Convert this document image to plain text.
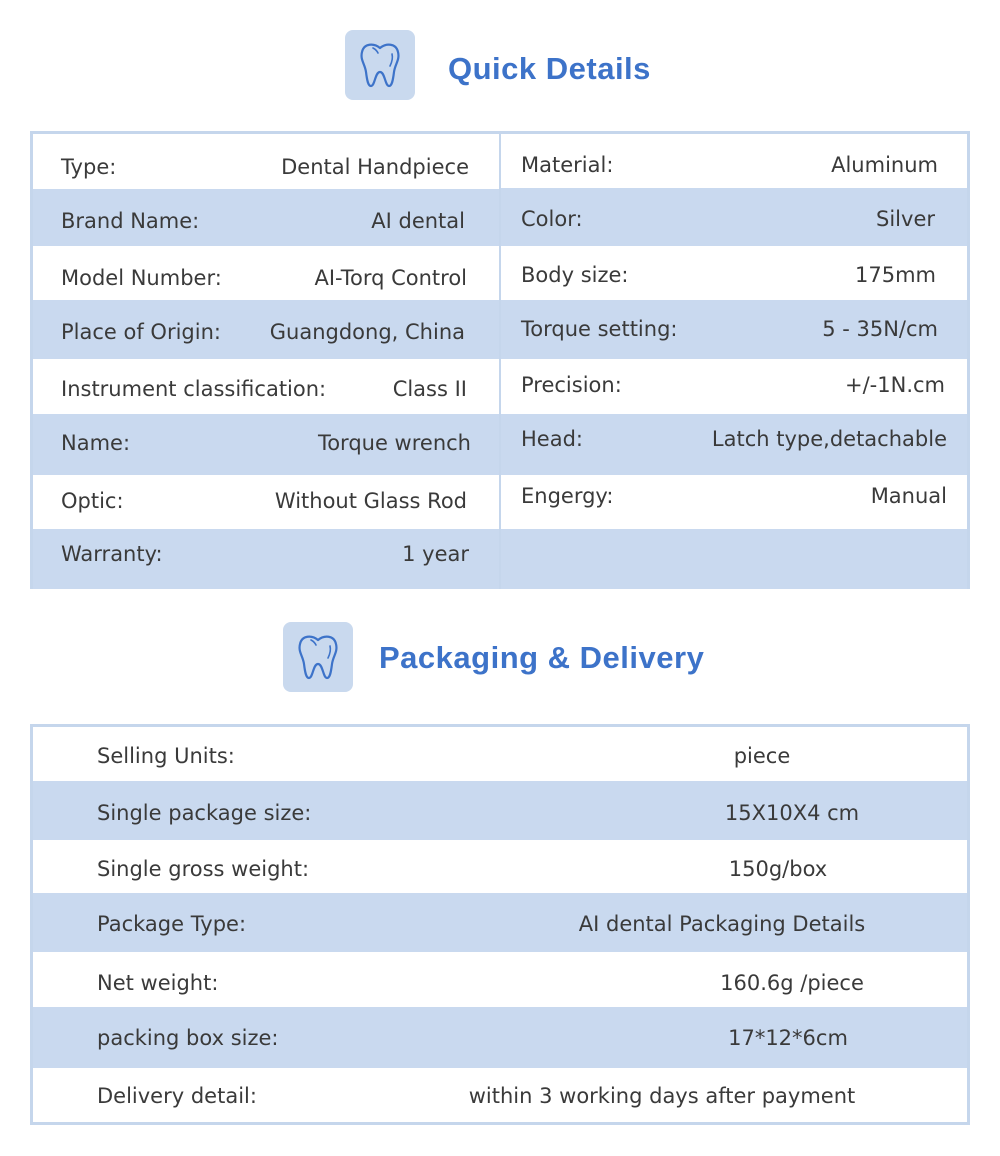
Quick Details
Type:	Dental Handpiece
Brand Name:	AI dental
Model Number:	AI-Torq Control
Place of Origin: Guangdong, China
Instrument classification:	Class II
Name:	Torque wrench
Optic:	Without Glass Rod
Warranty:	1 year
Material:	Aluminum
Color:	Silver
Body size:	175mm
Torque setting:	5 - 35N/cm
Precision:	+/-1N.cm
Head:	Latch type,detachable
Engergy:	Manual
Packaging & Delivery
Selling Units:	piece
Single package size:	15X10X4 cm
Single gross weight:	150g/box
Package Type:	AI dental Packaging Details
Net weight:	160.6g /piece
packing box size:	17*12*6cm
Delivery detail:	within 3 working days after payment
